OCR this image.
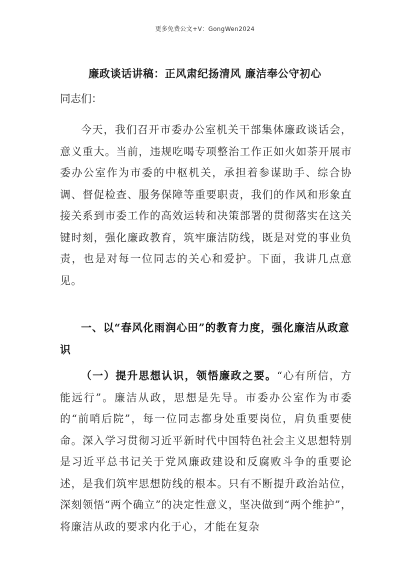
更多免费公文+V：GongWen2024
廉政谈话讲稿：正风肃纪扬清风 廉洁奉公守初心
同志们：

今天，我们召开市委办公室机关干部集体廉政谈话会，意义重大。当前，违规吃喝专项整治工作正如火如荼开展市委办公室作为市委的中枢机关，承担着参谋助手、综合协调、督促检查、服务保障等重要职责，我们的作风和形象直接关系到市委工作的高效运转和决策部署的贯彻落实在这关键时刻，强化廉政教育，筑牢廉洁防线，既是对党的事业负责，也是对每一位同志的关心和爱护。下面，我讲几点意见。

一、以“春风化雨润心田”的教育力度，强化廉洁从政意识

（一）提升思想认识，领悟廉政之要。“心有所信，方能远行”。廉洁从政，思想是先导。市委办公室作为市委的“前哨后院”，每一位同志都身处重要岗位，肩负重要使命。深入学习贯彻习近平新时代中国特色社会主义思想特别是习近平总书记关于党风廉政建设和反腐败斗争的重要论述，是我们筑牢思想防线的根本。只有不断提升政治站位，深刻领悟“两个确立”的决定性意义，坚决做到“两个维护”，将廉洁从政的要求内化于心，才能在复杂
